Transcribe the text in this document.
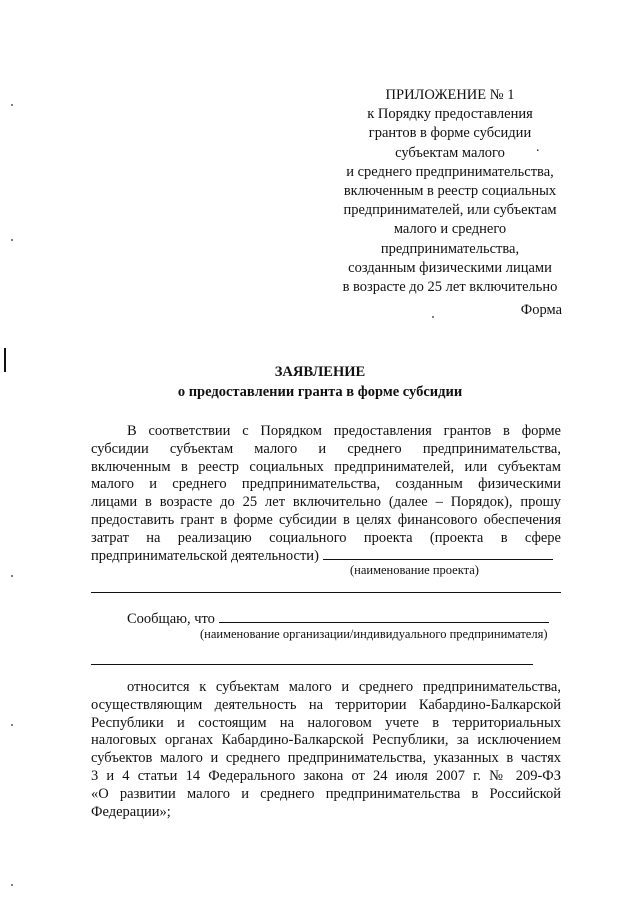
ПРИЛОЖЕНИЕ № 1
к Порядку предоставления
грантов в форме субсидии
субъектам малого
и среднего предпринимательства,
включенным в реестр социальных
предпринимателей, или субъектам
малого и среднего
предпринимательства,
созданным физическими лицами
в возрасте до 25 лет включительно
.
Форма
ЗАЯВЛЕНИЕ
о предоставлении гранта в форме субсидии
В соответствии с Порядком предоставления грантов в форме
субсидии субъектам малого и среднего предпринимательства,
включенным в реестр социальных предпринимателей, или субъектам
малого и среднего предпринимательства, созданным физическими
лицами в возрасте до 25 лет включительно (далее – Порядок), прошу
предоставить грант в форме субсидии в целях финансового обеспечения
затрат на реализацию социального проекта (проекта в сфере
предпринимательской деятельности)
(наименование проекта)
Сообщаю, что
(наименование организации/индивидуального предпринимателя)
относится к субъектам малого и среднего предпринимательства,
осуществляющим деятельность на территории Кабардино-Балкарской
Республики и состоящим на налоговом учете в территориальных
налоговых органах Кабардино-Балкарской Республики, за исключением
субъектов малого и среднего предпринимательства, указанных в частях
3 и 4 статьи 14 Федерального закона от 24 июля 2007 г. № 209-ФЗ
«О развитии малого и среднего предпринимательства в Российской
Федерации»;
